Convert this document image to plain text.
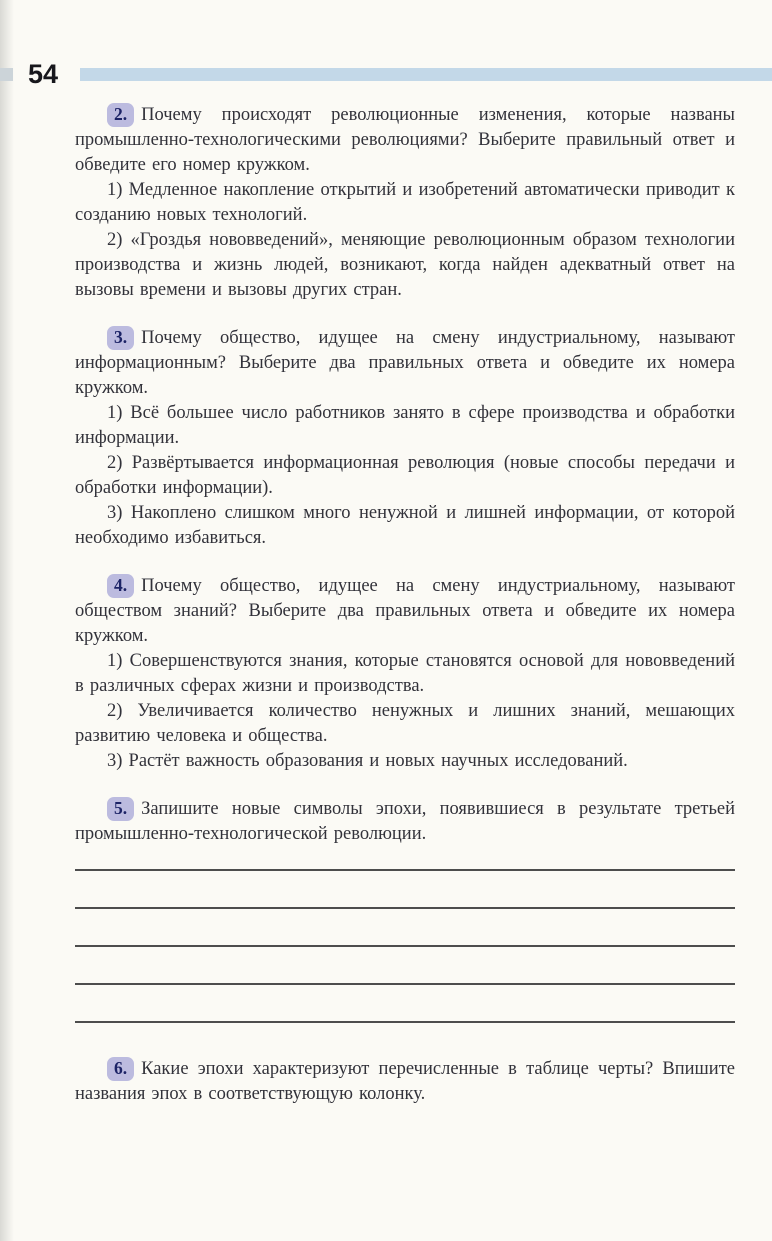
54

2. Почему происходят революционные изменения, которые названы промышленно-технологическими революциями? Выберите правильный ответ и обведите его номер кружком.

1) Медленное накопление открытий и изобретений автоматически приводит к созданию новых технологий.

2) «Гроздья нововведений», меняющие революционным образом технологии производства и жизнь людей, возникают, когда найден адекватный ответ на вызовы времени и вызовы других стран.

3. Почему общество, идущее на смену индустриальному, называют информационным? Выберите два правильных ответа и обведите их номера кружком.

1) Всё большее число работников занято в сфере производства и обработки информации.

2) Развёртывается информационная революция (новые способы передачи и обработки информации).

3) Накоплено слишком много ненужной и лишней информации, от которой необходимо избавиться.

4. Почему общество, идущее на смену индустриальному, называют обществом знаний? Выберите два правильных ответа и обведите их номера кружком.

1) Совершенствуются знания, которые становятся основой для нововведений в различных сферах жизни и производства.

2) Увеличивается количество ненужных и лишних знаний, мешающих развитию человека и общества.

3) Растёт важность образования и новых научных исследований.

5. Запишите новые символы эпохи, появившиеся в результате третьей промышленно-технологической революции.

6. Какие эпохи характеризуют перечисленные в таблице черты? Впишите названия эпох в соответствующую колонку.
